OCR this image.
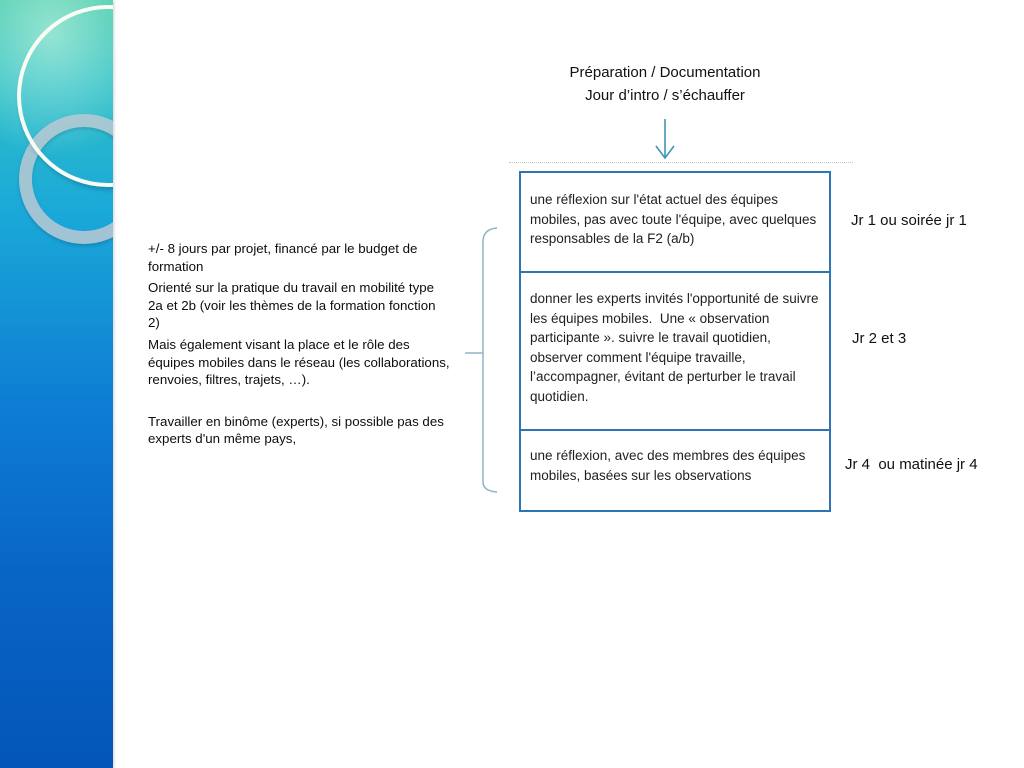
Préparation / Documentation
Jour d’intro / s’échauffer

une réflexion sur l'état actuel des équipes mobiles, pas avec toute l'équipe, avec quelques responsables de la F2 (a/b)

donner les experts invités l'opportunité de suivre les équipes mobiles.  Une « observation participante ». suivre le travail quotidien, observer comment l'équipe travaille, l’accompagner, évitant de perturber le travail quotidien.

une réflexion, avec des membres des équipes mobiles, basées sur les observations

Jr 1 ou soirée jr 1
Jr 2 et 3
Jr 4  ou matinée jr 4

+/- 8 jours par projet, financé par le budget de formation

Orienté sur la pratique du travail en mobilité type 2a et 2b (voir les thèmes de la formation fonction 2)

Mais également visant la place et le rôle des équipes mobiles dans le réseau (les collaborations, renvoies, filtres, trajets, …).

Travailler en binôme (experts), si possible pas des experts d'un même pays,
